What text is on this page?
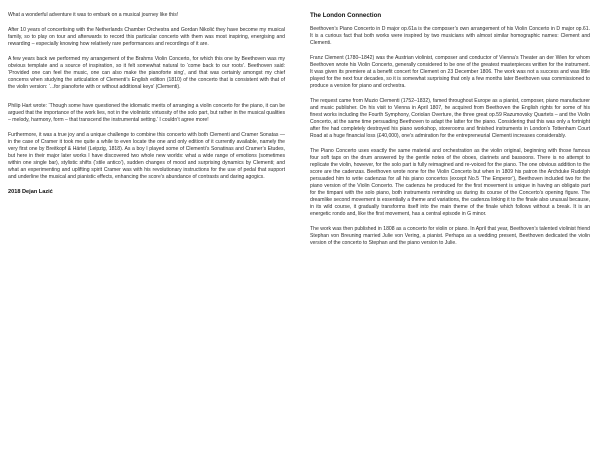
What a wonderful adventure it was to embark on a musical journey like this!

After 10 years of concertising with the Netherlands Chamber Orchestra and Gordan Nikolić they have become my musical family, so to play on tour and afterwards to record this particular concerto with them was most inspiring, energising and rewarding – especially knowing how relatively rare performances and recordings of it are.

A few years back we performed my arrangement of the Brahms Violin Concerto, for which this one by Beethoven was my obvious template and a source of inspiration, so it felt somewhat natural to ‘come back to our roots’. Beethoven said: ‘Provided one can feel the music, one can also make the pianoforte sing’, and that was certainly amongst my chief concerns when studying the articulation of Clementi’s English edition (1810) of the concerto that is consistent with that of the violin version: ‘...for pianoforte with or without additional keys’ (Clementi).

Philip Hart wrote: ‘Though some have questioned the idiomatic merits of arranging a violin concerto for the piano, it can be argued that the importance of the work lies, not in the violinistic virtuosity of the solo part, but rather in the musical qualities – melody, harmony, form – that transcend the instrumental setting.’ I couldn’t agree more!

Furthermore, it was a true joy and a unique challenge to combine this concerto with both Clementi and Cramer Sonatas — in the case of Cramer it took me quite a while to even locate the one and only edition of it currently available, namely the very first one by Breitkopf & Härtel (Leipzig, 1818). As a boy I played some of Clementi’s Sonatinas and Cramer’s Etudes, but here in their major later works I have discovered two whole new worlds: what a wide range of emotions (sometimes within one single bar), stylistic shifts (‘stile antico’), sudden changes of mood and surprising dynamics by Clementi; and what an experimenting and uplifting spirit Cramer was with his revolutionary instructions for the use of pedal that support and underline the musical and pianistic effects, enhancing the score’s abundance of contrasts and daring agogics.

2018 Dejan Lazić

The London Connection

Beethoven’s Piano Concerto in D major op.61a is the composer’s own arrangement of his Violin Concerto in D major op.61. It is a curious fact that both works were inspired by two musicians with almost similar homographic names: Clement and Clementi.

Franz Clement (1780–1842) was the Austrian violinist, composer and conductor of Vienna’s Theater an der Wien for whom Beethoven wrote his Violin Concerto, generally considered to be one of the greatest masterpieces written for the instrument. It was given its premiere at a benefit concert for Clement on 23 December 1806. The work was not a success and was little played for the next four decades, so it is somewhat surprising that only a few months later Beethoven was commissioned to produce a version for piano and orchestra.

The request came from Muzio Clementi (1752–1832), famed throughout Europe as a pianist, composer, piano manufacturer and music publisher. On his visit to Vienna in April 1807, he acquired from Beethoven the English rights for some of his finest works including the Fourth Symphony, Coriolan Overture, the three great op.59 Razumovsky Quartets – and the Violin Concerto, at the same time persuading Beethoven to adapt the latter for the piano. Considering that this was only a fortnight after fire had completely destroyed his piano workshop, storerooms and finished instruments in London’s Tottenham Court Road at a huge financial loss (£40,000), one’s admiration for the entrepreneurial Clementi increases considerably.

The Piano Concerto uses exactly the same material and orchestration as the violin original, beginning with those famous four soft taps on the drum answered by the gentle notes of the oboes, clarinets and bassoons. There is no attempt to replicate the violin, however, for the solo part is fully reimagined and re-voiced for the piano. The one obvious addition to the score are the cadenzas. Beethoven wrote none for the Violin Concerto but when in 1809 his patron the Archduke Rudolph persuaded him to write cadenzas for all his piano concertos (except No.5 ‘The Emperor’), Beethoven included two for the piano version of the Violin Concerto. The cadenza he produced for the first movement is unique in having an obligato part for the timpani with the solo piano, both instruments reminding us during its course of the Concerto’s opening figure. The dreamlike second movement is essentially a theme and variations, the cadenza linking it to the finale also unusual because, in its wild course, it gradually transforms itself into the main theme of the finale which follows without a break. It is an energetic rondo and, like the first movement, has a central episode in G minor.

The work was then published in 1808 as a concerto for violin or piano. In April that year, Beethoven’s talented violinist friend Stephan von Breuning married Julie von Vering, a pianist. Perhaps as a wedding present, Beethoven dedicated the violin version of the concerto to Stephan and the piano version to Julie.
